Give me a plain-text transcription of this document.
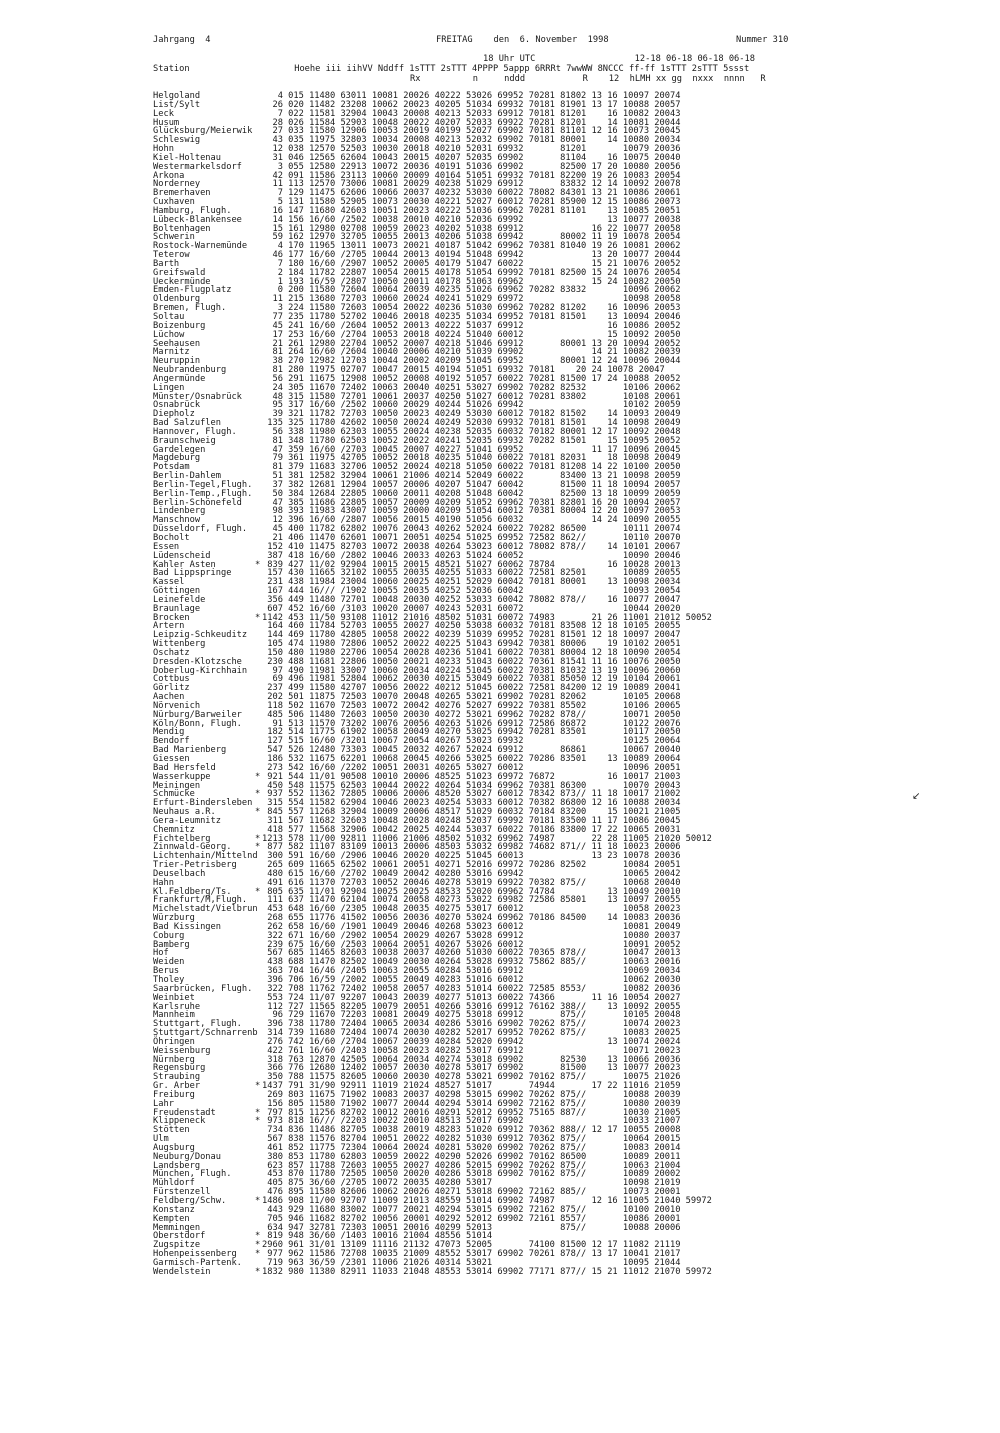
Jahrgang  4	FREITAG    den  6. November  1998	Nummer 310
18 Uhr UTC                   12-18 06-18 06-18 06-18
Station                    Hoehe iii iihVV Nddff 1sTTT 2sTTT 4PPPP 5appp 6RRRt 7wwWW 8NCCC ff-ff 1sTTT 2sTTT 5ssst
Rx          n     nddd           R    12  hLMH xx gg  nxxx  nnnn   R
Helgoland	4 015 11480 63011 10081 20026 40222 53026 69952 70281 81802 13 16 10097 20074
List/Sylt	26 020 11482 23208 10062 20023 40205 51034 69932 70181 81901 13 17 10088 20057
Leck	7 022 11581 32904 10043 20008 40213 52033 69912 70181 81201    16 10082 20043
Husum	28 026 11584 52903 10048 20022 40207 52033 69922 70281 81201    14 10081 20044
Glücksburg/Meierwik 27 033 11580 12906 10053 20019 40199 52027 69902 70181 81101 12 16 10073 20045
Schleswig	43 035 11975 32803 10034 20008 40213 52032 69902 70181 80001    14 10080 20034
Hohn	12 038 12570 52503 10030 20018 40210 52031 69932       81201       10079 20036
Kiel-Holtenau	31 046 12565 62604 10043 20015 40207 52035 69902       81104    16 10075 20040
Westermarkelsdorf 3 055 12580 22913 10072 20036 40191 51036 69902       82500 17 20 10080 20056
Arkona	42 091 11586 23113 10060 20009 40164 51051 69932 70181 82200 19 26 10083 20054
Norderney	11 113 12570 73006 10081 20029 40238 51029 69912       83832 12 14 10092 20078
Bremerhaven	7 129 11475 62606 10066 20037 40232 53030 60022 78082 84301 13 21 10086 20061
Cuxhaven	5 131 11580 52905 10073 20030 40221 52027 60012 70281 85900 12 15 10086 20073
Hamburg, Flugh.	16 147 11680 42603 10051 20023 40222 51036 69962 70281 81101    13 10085 20051
Lübeck-Blankensee 14 156 16/60 /2502 10038 20010 40210 52036 69992                13 10077 20038
Boltenhagen	15 161 12980 02708 10059 20023 40202 51038 69912             16 22 10077 20058
Schwerin	59 162 12970 32705 10055 20013 40206 51038 69942       80002 11 19 10078 20054
Rostock-Warnemünde 4 170 11965 13011 10073 20021 40187 51042 69962 70381 81040 19 26 10081 20062
Teterow	46 177 16/60 /2705 10044 20013 40194 51048 69942             13 20 10077 20044
Barth	7 180 16/60 /2907 10052 20005 40179 51047 60022             15 21 10076 20052
Greifswald	2 184 11782 22807 10054 20015 40178 51054 69992 70181 82500 15 24 10076 20054
Ueckermünde	1 193 16/59 /2807 10050 20011 40178 51063 69962             15 24 10082 20050
Emden-Flugplatz	0 200 11580 72604 10064 20039 40235 51026 69962 70282 83832       10096 20062
Oldenburg	11 215 13680 72703 10060 20024 40241 51029 69972                   10098 20058
Bremen, Flugh.	3 224 11580 72603 10054 20022 40236 51030 69962 70282 81202    16 10096 20053
Soltau	77 235 11780 52702 10046 20018 40235 51034 69952 70181 81501    13 10094 20046
Boizenburg	45 241 16/60 /2604 10052 20013 40222 51037 69912                16 10086 20052
Lüchow	17 253 16/60 /2704 10053 20018 40224 51040 60012                15 10092 20050
Seehausen	21 261 12980 22704 10052 20007 40218 51046 69912       80001 13 20 10094 20052
Marnitz	81 264 16/60 /2604 10040 20006 40210 51039 69902             14 21 10082 20039
Neuruppin	38 270 12982 12703 10044 20002 40209 51045 69952       80001 12 24 10096 20044
Neubrandenburg	81 280 11975 02707 10047 20015 40194 51051 69932 70181    20 24 10078 20047
Angermünde	56 291 11675 12908 10052 20008 40192 51057 60022 70281 81500 17 24 10088 20052
Lingen	24 305 11670 72402 10063 20040 40251 53027 69902 70282 82532       10106 20062
Münster/Osnabrück 48 315 11580 72701 10061 20037 40250 51027 60012 70281 83802       10108 20061
Osnabrück	95 317 16/60 /2502 10060 20029 40244 51026 69942                   10102 20059
Diepholz	39 321 11782 72703 10050 20023 40249 53030 60012 70182 81502    14 10093 20049
Bad Salzuflen	135 325 11780 42602 10050 20024 40249 52030 69932 70181 81501    14 10098 20049
Hannover, Flugh.	56 338 11980 62303 10055 20024 40238 52035 60032 70182 80001 12 17 10092 20048
Braunschweig	81 348 11780 62503 10052 20022 40241 52035 69932 70282 81501    15 10095 20052
Gardelegen	47 359 16/60 /2703 10045 20007 40227 51041 69952             11 17 10096 20045
Magdeburg	79 361 11975 42705 10052 20018 40235 51040 60022 70181 82031    18 10098 20049
Potsdam	81 379 11683 32706 10052 20024 40218 51050 60022 70181 81208 14 22 10100 20050
Berlin-Dahlem	51 381 12582 32904 10061 21006 40214 52049 60022       83400 13 21 10098 20059
Berlin-Tegel,Flugh. 37 382 12681 12904 10057 20006 40207 51047 60042       81500 11 18 10094 20057
Berlin-Temp.,Flugh. 50 384 12684 22805 10060 20011 40208 51048 60042       82500 13 18 10099 20059
Berlin-Schönefeld 47 385 11686 22805 10057 20009 40209 51052 69962 70381 82801 16 20 10094 20057
Lindenberg	98 393 11983 43007 10059 20000 40209 51054 60012 70381 80004 12 20 10097 20053
Manschnow	12 396 16/60 /2807 10056 20015 40190 51056 60032             14 24 10090 20055
Düsseldorf, Flugh. 45 400 11782 62802 10076 20043 40262 52024 60022 70282 86500       10111 20074
Bocholt	21 406 11470 62601 10071 20051 40254 51025 69952 72582 862//       10110 20070
Essen	152 410 11475 82703 10072 20038 40264 53023 60012 78082 878//    14 10101 20067
Lüdenscheid	387 418 16/60 /2802 10046 20033 40263 51024 60052                   10090 20046
Kahler Asten	* 839 427 11/02 92904 10015 20015 48521 51027 60062 78784          16 10028 20013
Bad Lippspringe	157 430 11665 32102 10055 20035 40255 51033 60022 72581 82501       10089 20055
Kassel	231 438 11984 23004 10060 20025 40251 52029 60042 70181 80001    13 10098 20034
Göttingen	167 444 16/// /1902 10055 20035 40252 52036 60042                   10093 20054
Leinefelde	356 449 11480 72701 10048 20030 40252 53033 60042 78082 878//    16 10077 20047
Braunlage	607 452 16/60 /3103 10020 20007 40243 52031 60072                   10044 20020
Brocken	* 1142 453 11/50 93108 11012 21016 48502 51031 60072 74983       21 26 11001 21012 50052
Artern	164 460 11784 52703 10055 20027 40250 53038 60032 70181 83508 12 18 10105 20055
Leipzig-Schkeuditz 144 469 11780 42805 10058 20022 40239 51039 69952 70281 81501 12 18 10097 20047
Wittenberg	105 474 11980 72806 10052 20022 40225 51043 69942 70381 80006    19 10102 20051
Oschatz	150 480 11980 22706 10054 20028 40236 51041 60022 70381 80004 12 18 10090 20054
Dresden-Klotzsche 230 488 11681 22806 10050 20021 40233 51043 60022 70361 81541 11 16 10076 20050
Doberlug-Kirchhain 97 490 11981 33007 10060 20034 40224 51045 60022 70381 81032 13 19 10096 20060
Cottbus	69 496 11981 52804 10062 20030 40215 53049 60022 70381 85050 12 19 10104 20061
Görlitz	237 499 11580 42707 10056 20022 40212 51045 60022 72581 84200 12 19 10089 20041
Aachen	202 501 11875 72503 10070 20048 40265 53021 69902 70281 82062       10105 20068
Nörvenich	118 502 11670 72503 10072 20042 40276 52027 69922 70381 85502       10106 20065
Nürburg/Barweiler 485 506 11480 72603 10050 20030 40272 53021 69962 70282 878//       10071 20050
Köln/Bonn, Flugh. 91 513 11570 73202 10076 20056 40263 51026 69912 72586 86872       10122 20076
Mendig	182 514 11775 61902 10058 20049 40270 53025 69942 70281 83501       10117 20050
Bendorf	127 515 16/60 /3201 10067 20054 40267 53023 69932                   10125 20064
Bad Marienberg	547 526 12480 73303 10045 20032 40267 52024 69912       86861       10067 20040
Giessen	186 532 11675 62201 10068 20045 40266 53025 60022 70286 83501    13 10089 20064
Bad Hersfeld	273 542 16/60 /2202 10051 20031 40265 53027 60012                   10096 20051
Wasserkuppe	* 921 544 11/01 90508 10010 20006 48525 51023 69972 76872          16 10017 21003
Meiningen	450 548 11575 62503 10044 20022 40264 51034 69962 70381 86300       10070 20043
Schmücke	* 937 552 11362 72805 10006 20006 48520 53027 60012 78342 873// 11 18 10017 21002
Erfurt-Bindersleben 315 554 11582 62904 10046 20023 40254 53033 60012 70382 86800 12 16 10088 20034
Neuhaus a.R.	* 845 557 11268 32904 10009 20006 48517 51029 60032 70184 83200    15 10021 21005
Gera-Leumnitz	311 567 11682 32603 10048 20028 40248 52037 69992 70181 83500 11 17 10086 20045
Chemnitz	418 577 11568 32906 10042 20025 40244 53037 60022 70186 83800 17 22 10065 20031
Fichtelberg	* 1213 578 11/00 92811 11006 21006 48502 51032 69962 74987       22 28 11005 21020 50012
Zinnwald-Georg.	* 877 582 11107 83109 10013 20006 48503 53032 69982 74682 871// 11 18 10023 20006
Lichtenhain/Mittelnd 300 591 16/60 /2906 10046 20020 40225 51045 60013             13 23 10078 20036
Trier-Petrisberg	265 609 11665 62502 10061 20051 40271 52016 69972 70286 82502       10084 20051
Deuselbach	480 615 16/60 /2702 10049 20042 40280 53016 69942                   10065 20042
Hahn	491 616 11370 72703 10052 20046 40278 53019 69922 70382 875//       10068 20040
Kl.Feldberg/Ts.	* 805 635 11/01 92904 10025 20025 48533 52020 69962 74784          13 10049 20010
Frankfurt/M,Flugh. 111 637 11470 62104 10074 20058 40273 53022 69982 72586 85801    13 10097 20055
Michelstadt/Vielbrun 453 648 16/60 /2305 10048 20035 40275 53017 60012                   10058 20023
Würzburg	268 655 11776 41502 10056 20036 40270 53024 69962 70186 84500    14 10083 20036
Bad Kissingen	262 658 16/60 /1901 10049 20046 40268 53023 60012                   10081 20049
Coburg	322 671 16/60 /2902 10054 20029 40267 53028 69912                   10080 20037
Bamberg	239 675 16/60 /2503 10064 20051 40267 53026 60012                   10091 20052
Hof	567 685 11465 82603 10038 20037 40260 51030 60022 70365 878//       10047 20013
Weiden	438 688 11470 82502 10049 20030 40264 53028 69932 75862 885//       10063 20016
Berus	363 704 16/46 /2405 10063 20055 40284 53016 69912                   10069 20034
Tholey	396 706 16/59 /2002 10055 20049 40283 51016 60012                   10062 20030
Saarbrücken, Flugh. 322 708 11762 72402 10058 20057 40283 51014 60022 72585 8553/       10082 20036
Weinbiet	553 724 11/07 92207 10043 20039 40277 51013 60022 74366       11 16 10054 20027
Karlsruhe	112 727 11565 82205 10079 20051 40266 53016 69912 76162 388//    13 10092 20055
Mannheim	96 729 11670 72203 10081 20049 40275 53018 69912       875//       10105 20048
Stuttgart, Flugh. 396 738 11780 72404 10065 20034 40286 53016 69902 70262 875//       10074 20023
Stuttgart/Schnarrenb 314 739 11680 72404 10074 20030 40282 52017 69952 70262 875//       10083 20025
Öhringen	276 742 16/60 /2704 10067 20039 40284 52020 69942                13 10074 20024
Weissenburg	422 761 16/60 /2403 10058 20023 40282 53017 69912                   10071 20023
Nürnberg	318 763 12870 42505 10064 20034 40274 53018 69902       82530    13 10066 20036
Regensburg	366 776 12680 12402 10057 20030 40278 53017 69902       81500    13 10077 20023
Straubing	350 788 11575 82605 10060 20030 40278 53021 69902 70162 875//       10075 21026
Gr. Arber	* 1437 791 31/90 92911 11019 21024 48527 51017       74944       17 22 11016 21059
Freiburg	269 803 11675 71902 10083 20037 40298 53015 69902 70262 875//       10088 20039
Lahr	156 805 11580 71902 10077 20044 40294 53014 69902 72162 875//       10080 20039
Freudenstadt	* 797 815 11256 82702 10012 20016 40291 52012 69952 75165 887//       10030 21005
Klippeneck	* 973 818 16/// /2203 10022 20010 48513 52017 69902                   10033 21007
Stötten	734 836 11486 82705 10038 20019 48283 51020 69912 70362 888// 12 17 10055 20008
Ulm	567 838 11576 82704 10051 20022 40282 51030 69912 70362 875//       10064 20015
Augsburg	461 852 11775 72304 10064 20024 40281 53020 69902 70262 875//       10083 20014
Neuburg/Donau	380 853 11780 62803 10059 20022 40290 52026 69902 70162 86500       10089 20011
Landsberg	623 857 11788 72603 10055 20027 40286 52015 69902 70262 875//       10063 21004
München, Flugh.	453 870 11780 72505 10050 20020 40286 53018 69902 70162 875//       10089 20002
Mühldorf	405 875 36/60 /2705 10072 20035 40280 53017                         10098 21019
Fürstenzell	476 895 11580 82606 10062 20026 40271 53018 69902 72162 885//       10073 20001
Feldberg/Schw.	* 1486 908 11/00 92707 11009 21013 48559 51014 69902 74987       12 16 11005 21040 59972
Konstanz	443 929 11680 83002 10077 20021 40294 53015 69902 72162 875//       10100 20010
Kempten	705 946 11682 82702 10056 20001 40292 52012 69902 72161 8557/       10086 20001
Memmingen	634 947 32781 72303 10051 20016 40299 52013             875//       10088 20006
Oberstdorf	* 819 948 36/60 /1403 10016 21004 48556 51014
Zugspitze	* 2960 961 31/01 13109 11116 21132 47073 52005       74100 81500 12 17 11082 21119
Hohenpeissenberg * 977 962 11586 72708 10035 21009 48552 53017 69902 70261 878// 13 17 10041 21017
Garmisch-Partenk. 719 963 36/59 /2301 11006 21026 40314 53021                         10095 21044
Wendelstein	* 1832 980 11380 82911 11033 21048 48553 53014 69902 77171 877// 15 21 11012 21070 59972
↙
